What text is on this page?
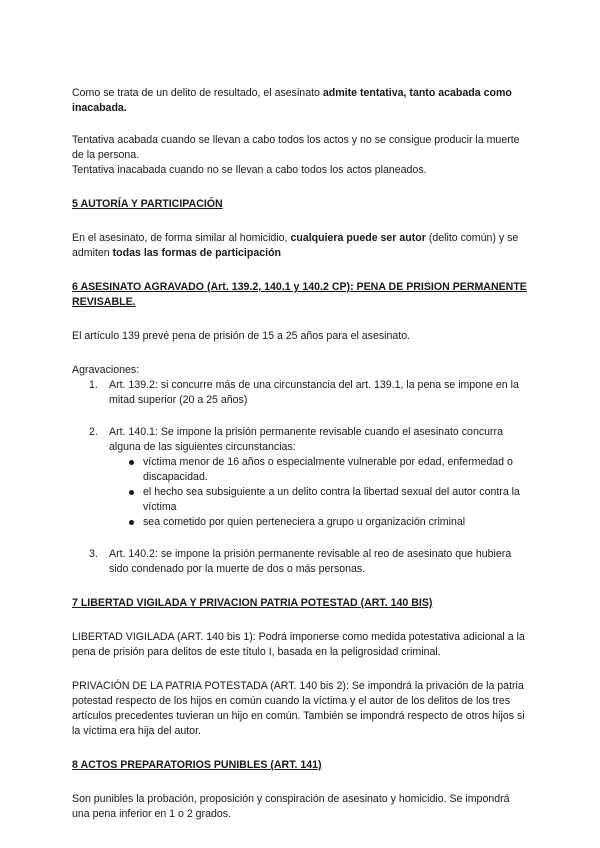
Como se trata de un delito de resultado, el asesinato admite tentativa, tanto acabada como inacabada.

Tentativa acabada cuando se llevan a cabo todos los actos y no se consigue producir la muerte de la persona.

Tentativa inacabada cuando no se llevan a cabo todos los actos planeados.

5 AUTORÍA Y PARTICIPACIÓN

En el asesinato, de forma similar al homicidio, cualquiera puede ser autor (delito común) y se admiten todas las formas de participación

6 ASESINATO AGRAVADO (Art. 139.2, 140.1 y 140.2 CP): PENA DE PRISION PERMANENTE REVISABLE.

El artículo 139 prevé pena de prisión de 15 a 25 años para el asesinato.

Agravaciones:

1. Art. 139.2: si concurre más de una circunstancia del art. 139.1, la pena se impone en la mitad superior (20 a 25 años)
2. Art. 140.1: Se impone la prisión permanente revisable cuando el asesinato concurra alguna de las siguientes circunstancias:
víctima menor de 16 años o especialmente vulnerable por edad, enfermedad o discapacidad.
el hecho sea subsiguiente a un delito contra la libertad sexual del autor contra la víctima
sea cometido por quien perteneciera a grupo u organización criminal
3. Art. 140.2: se impone la prisión permanente revisable al reo de asesinato que hubiera sido condenado por la muerte de dos o más personas.

7 LIBERTAD VIGILADA Y PRIVACION PATRIA POTESTAD (ART. 140 BIS)

LIBERTAD VIGILADA (ART. 140 bis 1): Podrá imponerse como medida potestativa adicional a la pena de prisión para delitos de este título I, basada en la peligrosidad criminal.

PRIVACIÓN DE LA PATRIA POTESTADA (ART. 140 bis 2): Se impondrá la privación de la patria potestad respecto de los hijos en común cuando la víctima y el autor de los delitos de los tres artículos precedentes tuvieran un hijo en común. También se impondrá respecto de otros hijos si la víctima era hija del autor.

8 ACTOS PREPARATORIOS PUNIBLES (ART. 141)

Son punibles la probación, proposición y conspiración de asesinato y homicidio. Se impondrá una pena inferior en 1 o 2 grados.
